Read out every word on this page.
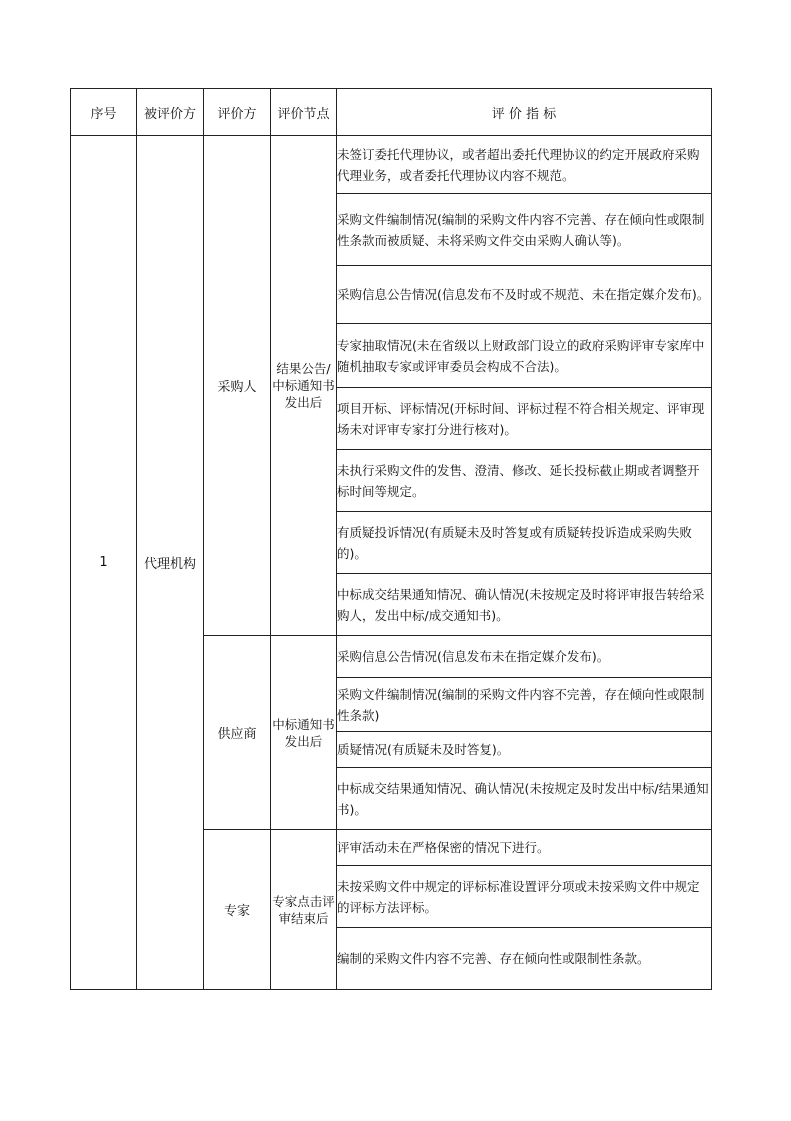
序号	被评价方	评价方	评价节点	评 价 指 标
1	代理机构	采购人	结果公告/中标通知书发出后	未签订委托代理协议，或者超出委托代理协议的约定开展政府采购代理业务，或者委托代理协议内容不规范。
				采购文件编制情况(编制的采购文件内容不完善、存在倾向性或限制性条款而被质疑、未将采购文件交由采购人确认等)。
				采购信息公告情况(信息发布不及时或不规范、未在指定媒介发布)。
				专家抽取情况(未在省级以上财政部门设立的政府采购评审专家库中随机抽取专家或评审委员会构成不合法)。
				项目开标、评标情况(开标时间、评标过程不符合相关规定、评审现场未对评审专家打分进行核对)。
				未执行采购文件的发售、澄清、修改、延长投标截止期或者调整开标时间等规定。
				有质疑投诉情况(有质疑未及时答复或有质疑转投诉造成采购失败的)。
				中标成交结果通知情况、确认情况(未按规定及时将评审报告转给采购人，发出中标/成交通知书)。
		供应商	中标通知书发出后	采购信息公告情况(信息发布未在指定媒介发布)。
				采购文件编制情况(编制的采购文件内容不完善，存在倾向性或限制性条款)
				质疑情况(有质疑未及时答复)。
				中标成交结果通知情况、确认情况(未按规定及时发出中标/结果通知书)。
		专家	专家点击评审结束后	评审活动未在严格保密的情况下进行。
				未按采购文件中规定的评标标准设置评分项或未按采购文件中规定的评标方法评标。
				编制的采购文件内容不完善、存在倾向性或限制性条款。
